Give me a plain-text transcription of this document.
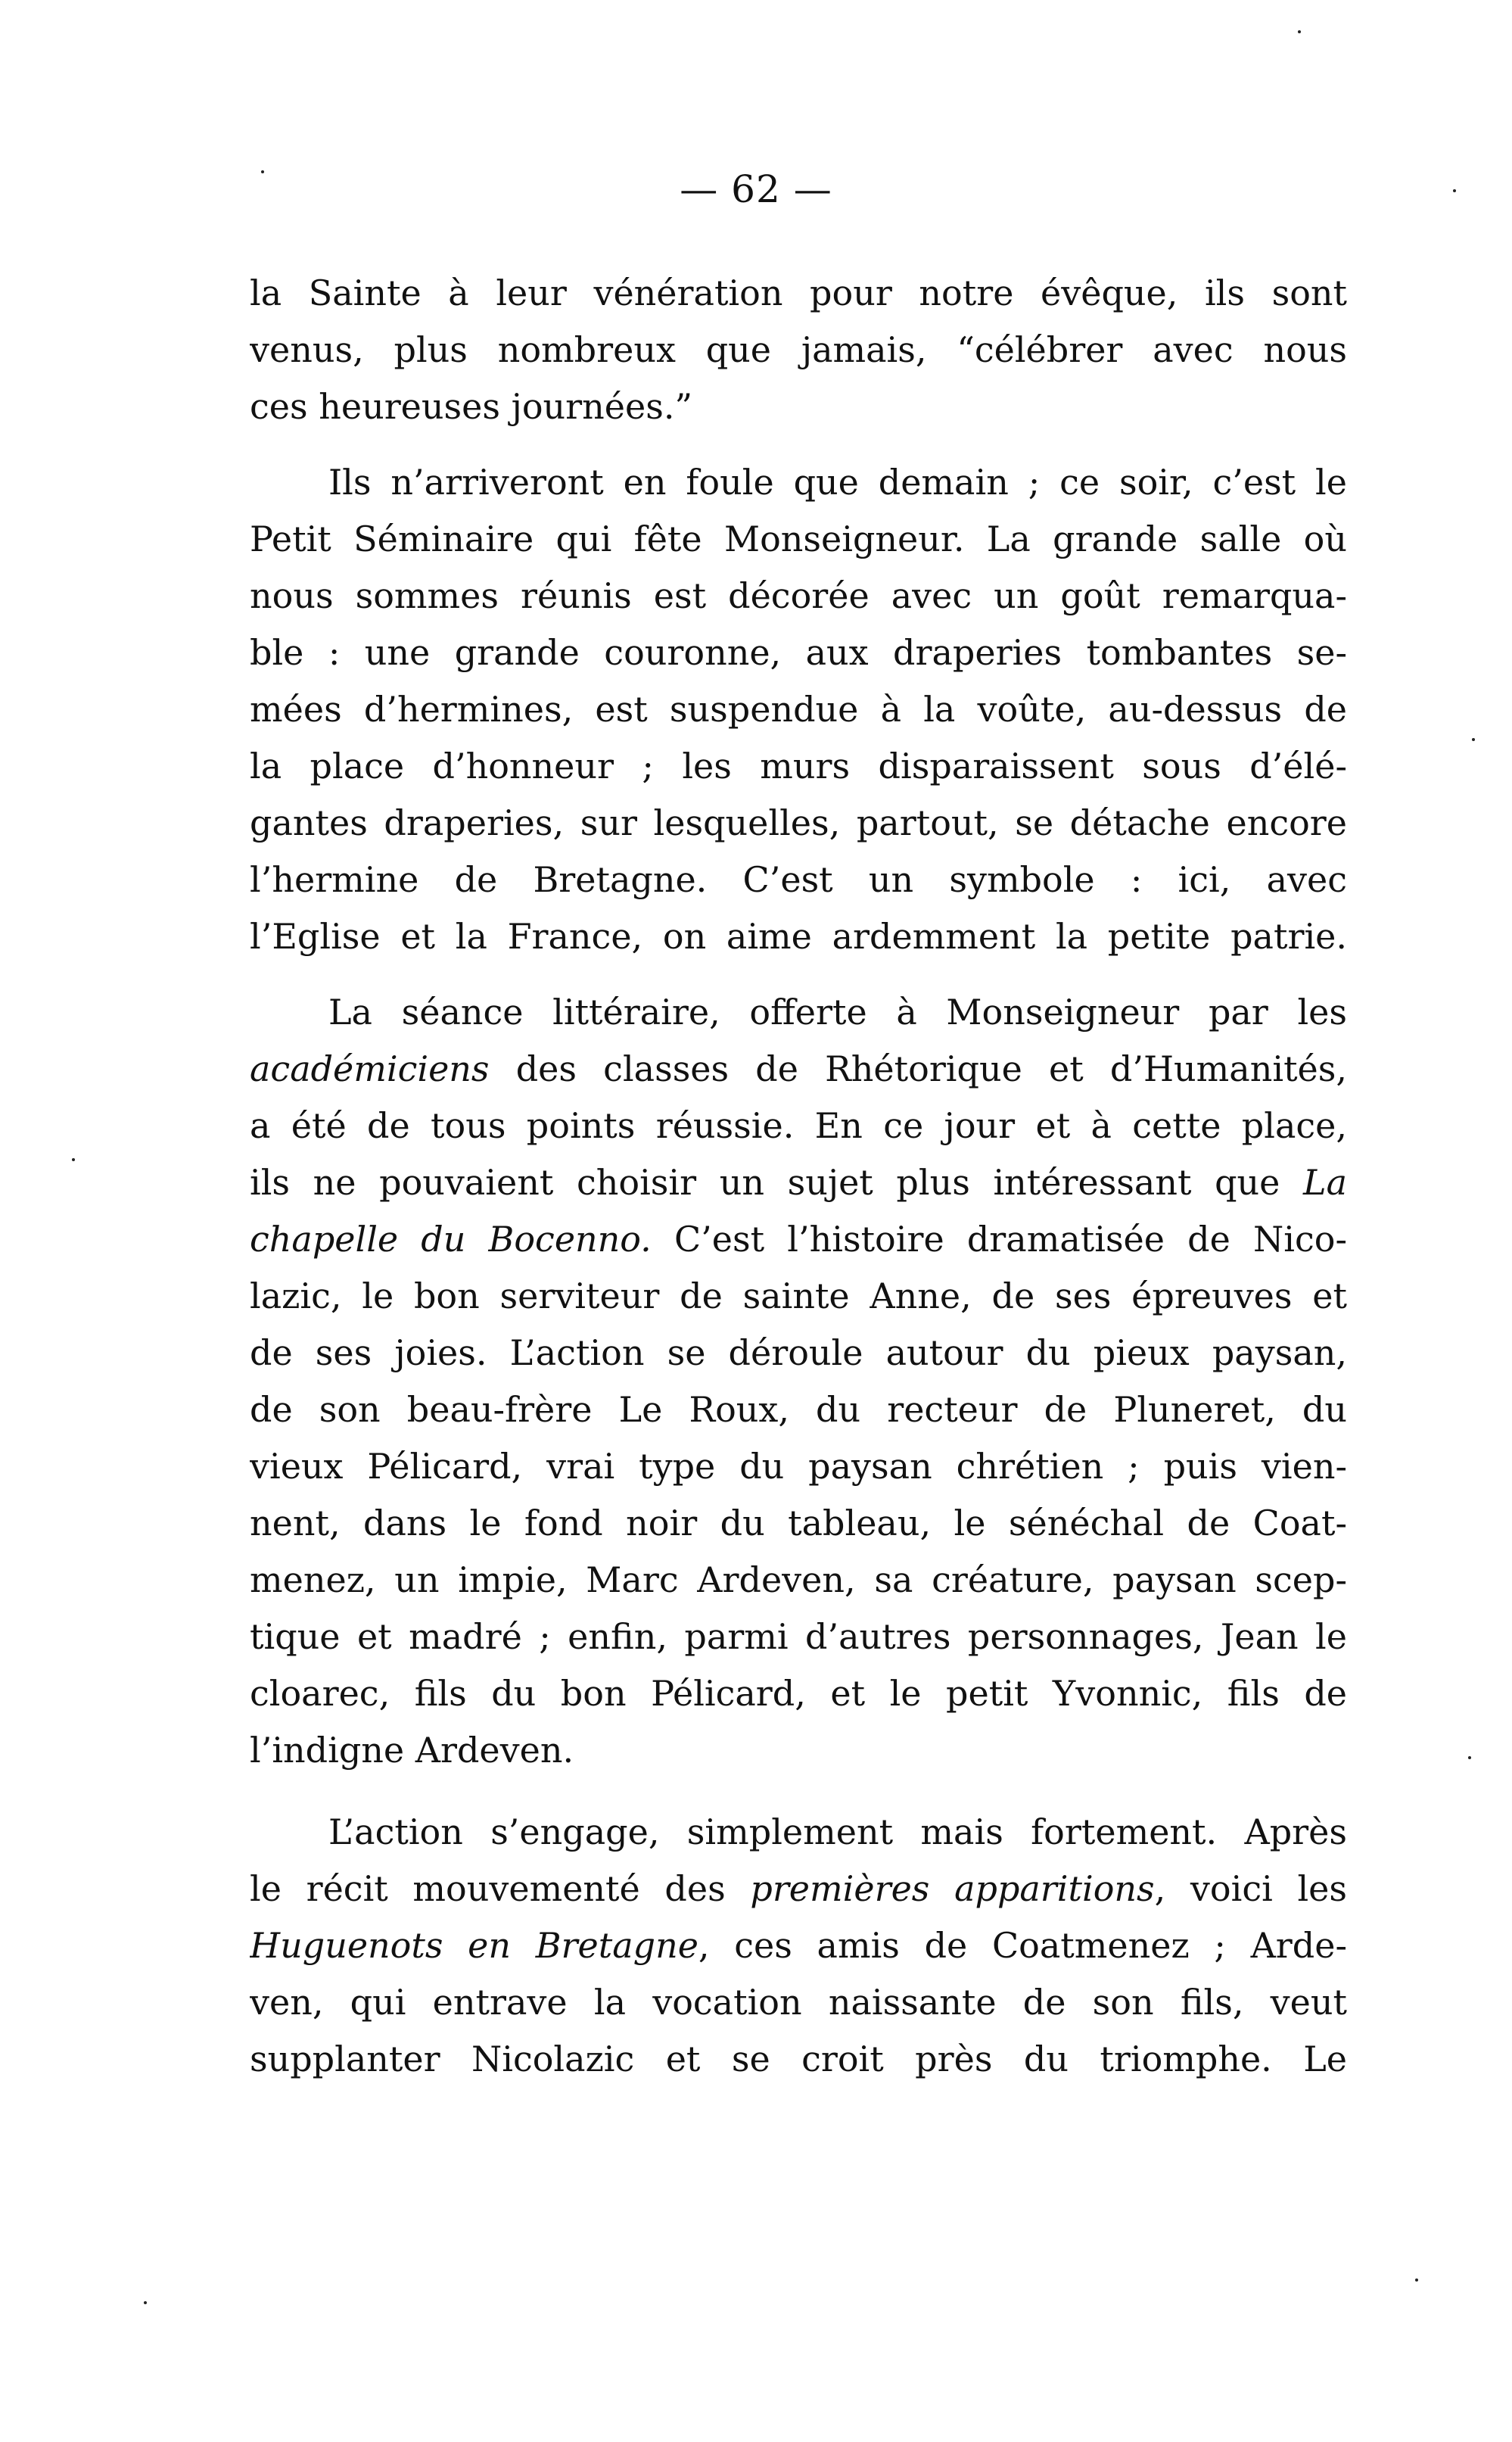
— 62 —
la Sainte à leur vénération pour notre évêque, ils sont
venus, plus nombreux que jamais, “célébrer avec nous
ces heureuses journées.”
Ils n’arriveront en foule que demain ; ce soir, c’est le
Petit Séminaire qui fête Monseigneur. La grande salle où
nous sommes réunis est décorée avec un goût remarqua-
ble : une grande couronne, aux draperies tombantes se-
mées d’hermines, est suspendue à la voûte, au-dessus de
la place d’honneur ; les murs disparaissent sous d’élé-
gantes draperies, sur lesquelles, partout, se détache encore
l’hermine de Bretagne. C’est un symbole : ici, avec
l’Eglise et la France, on aime ardemment la petite patrie.
La séance littéraire, offerte à Monseigneur par les
académiciens des classes de Rhétorique et d’Humanités,
a été de tous points réussie. En ce jour et à cette place,
ils ne pouvaient choisir un sujet plus intéressant que La
chapelle du Bocenno. C’est l’histoire dramatisée de Nico-
lazic, le bon serviteur de sainte Anne, de ses épreuves et
de ses joies. L’action se déroule autour du pieux paysan,
de son beau-frère Le Roux, du recteur de Pluneret, du
vieux Pélicard, vrai type du paysan chrétien ; puis vien-
nent, dans le fond noir du tableau, le sénéchal de Coat-
menez, un impie, Marc Ardeven, sa créature, paysan scep-
tique et madré ; enfin, parmi d’autres personnages, Jean le
cloarec, fils du bon Pélicard, et le petit Yvonnic, fils de
l’indigne Ardeven.
L’action s’engage, simplement mais fortement. Après
le récit mouvementé des premières apparitions, voici les
Huguenots en Bretagne, ces amis de Coatmenez ; Arde-
ven, qui entrave la vocation naissante de son fils, veut
supplanter Nicolazic et se croit près du triomphe. Le
